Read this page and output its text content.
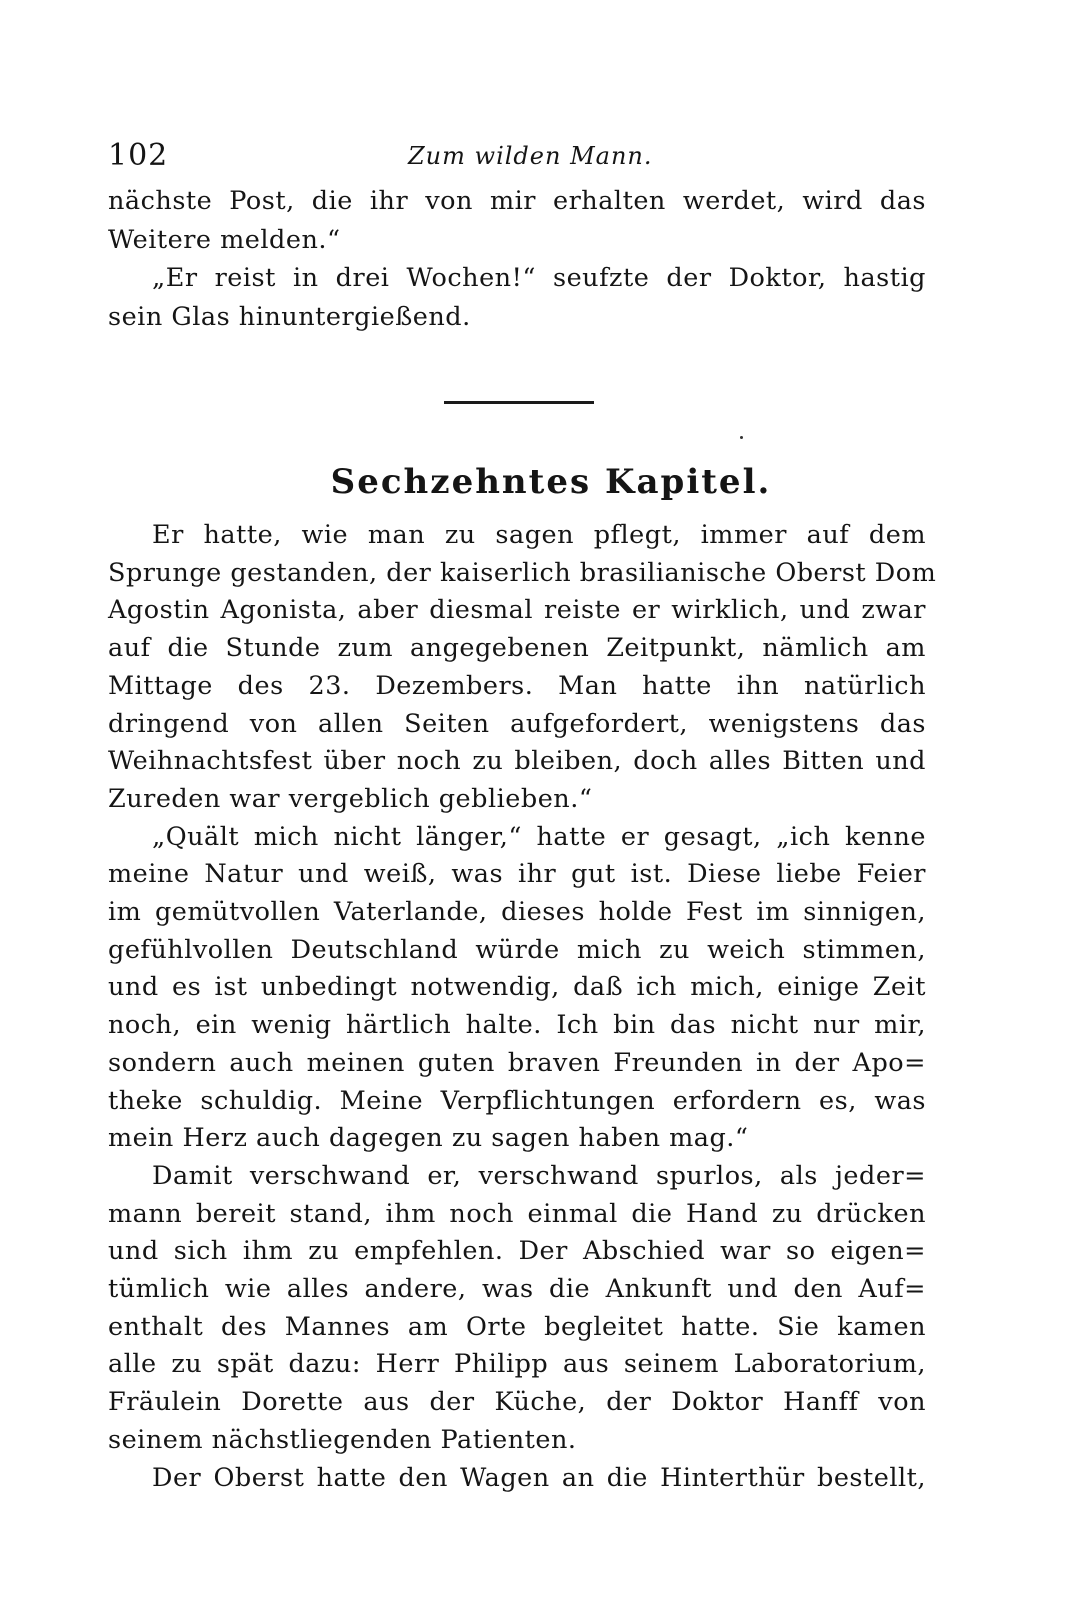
102	Zum wilden Mann.
nächste Post, die ihr von mir erhalten werdet, wird das
Weitere melden.“
„Er reist in drei Wochen!“ seufzte der Doktor, hastig
sein Glas hinuntergießend.
Sechzehntes Kapitel.
Er hatte, wie man zu sagen pflegt, immer auf dem
Sprunge gestanden, der kaiserlich brasilianische Oberst Dom
Agostin Agonista, aber diesmal reiste er wirklich, und zwar
auf die Stunde zum angegebenen Zeitpunkt, nämlich am
Mittage des 23. Dezembers. Man hatte ihn natürlich
dringend von allen Seiten aufgefordert, wenigstens das
Weihnachtsfest über noch zu bleiben, doch alles Bitten und
Zureden war vergeblich geblieben.“
„Quält mich nicht länger,“ hatte er gesagt, „ich kenne
meine Natur und weiß, was ihr gut ist. Diese liebe Feier
im gemütvollen Vaterlande, dieses holde Fest im sinnigen,
gefühlvollen Deutschland würde mich zu weich stimmen,
und es ist unbedingt notwendig, daß ich mich, einige Zeit
noch, ein wenig härtlich halte. Ich bin das nicht nur mir,
sondern auch meinen guten braven Freunden in der Apo=
theke schuldig. Meine Verpflichtungen erfordern es, was
mein Herz auch dagegen zu sagen haben mag.“
Damit verschwand er, verschwand spurlos, als jeder=
mann bereit stand, ihm noch einmal die Hand zu drücken
und sich ihm zu empfehlen. Der Abschied war so eigen=
tümlich wie alles andere, was die Ankunft und den Auf=
enthalt des Mannes am Orte begleitet hatte. Sie kamen
alle zu spät dazu: Herr Philipp aus seinem Laboratorium,
Fräulein Dorette aus der Küche, der Doktor Hanff von
seinem nächstliegenden Patienten.
Der Oberst hatte den Wagen an die Hinterthür bestellt,
